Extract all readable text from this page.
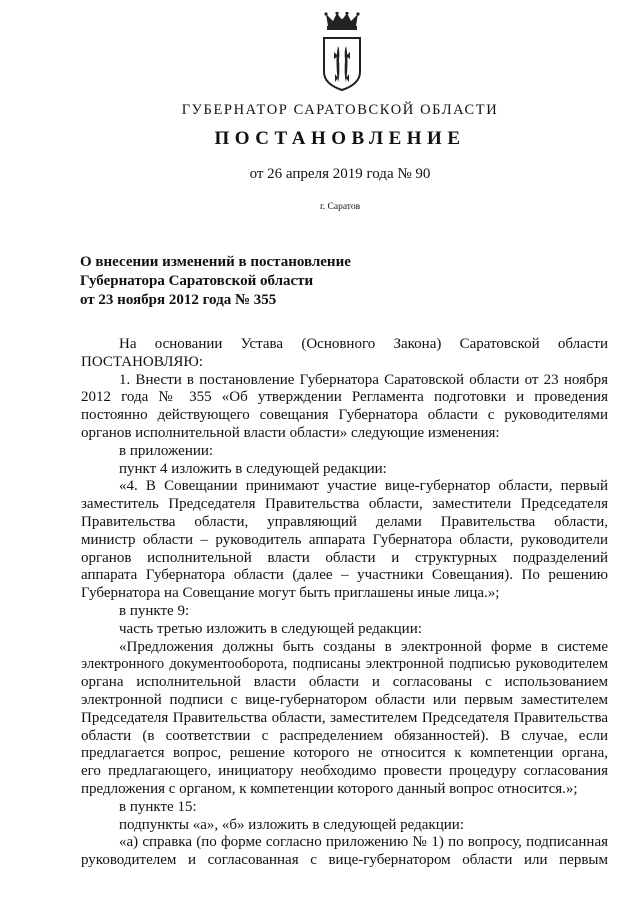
ГУБЕРНАТОР САРАТОВСКОЙ ОБЛАСТИ
ПОСТАНОВЛЕНИЕ
от 26 апреля 2019 года № 90
г. Саратов
О внесении изменений в постановление
Губернатора Саратовской области
от 23 ноября 2012 года № 355
На основании Устава (Основного Закона) Саратовской области
ПОСТАНОВЛЯЮ:
1. Внести в постановление Губернатора Саратовской области от 23 ноября
2012 года № 355 «Об утверждении Регламента подготовки и проведения
постоянно действующего совещания Губернатора области с руководителями
органов исполнительной власти области» следующие изменения:
в приложении:
пункт 4 изложить в следующей редакции:
«4. В Совещании принимают участие вице-губернатор области, первый
заместитель Председателя Правительства области, заместители Председателя
Правительства области, управляющий делами Правительства области,
министр области – руководитель аппарата Губернатора области, руководители
органов исполнительной власти области и структурных подразделений
аппарата Губернатора области (далее – участники Совещания). По решению
Губернатора на Совещание могут быть приглашены иные лица.»;
в пункте 9:
часть третью изложить в следующей редакции:
«Предложения должны быть созданы в электронной форме в системе
электронного документооборота, подписаны электронной подписью руководителем
органа исполнительной власти области и согласованы с использованием
электронной подписи с вице-губернатором области или первым заместителем
Председателя Правительства области, заместителем Председателя Правительства
области (в соответствии с распределением обязанностей). В случае, если
предлагается вопрос, решение которого не относится к компетенции органа,
его предлагающего, инициатору необходимо провести процедуру согласования
предложения с органом, к компетенции которого данный вопрос относится.»;
в пункте 15:
подпункты «а», «б» изложить в следующей редакции:
«а) справка (по форме согласно приложению № 1) по вопросу, подписанная
руководителем и согласованная с вице-губернатором области или первым
